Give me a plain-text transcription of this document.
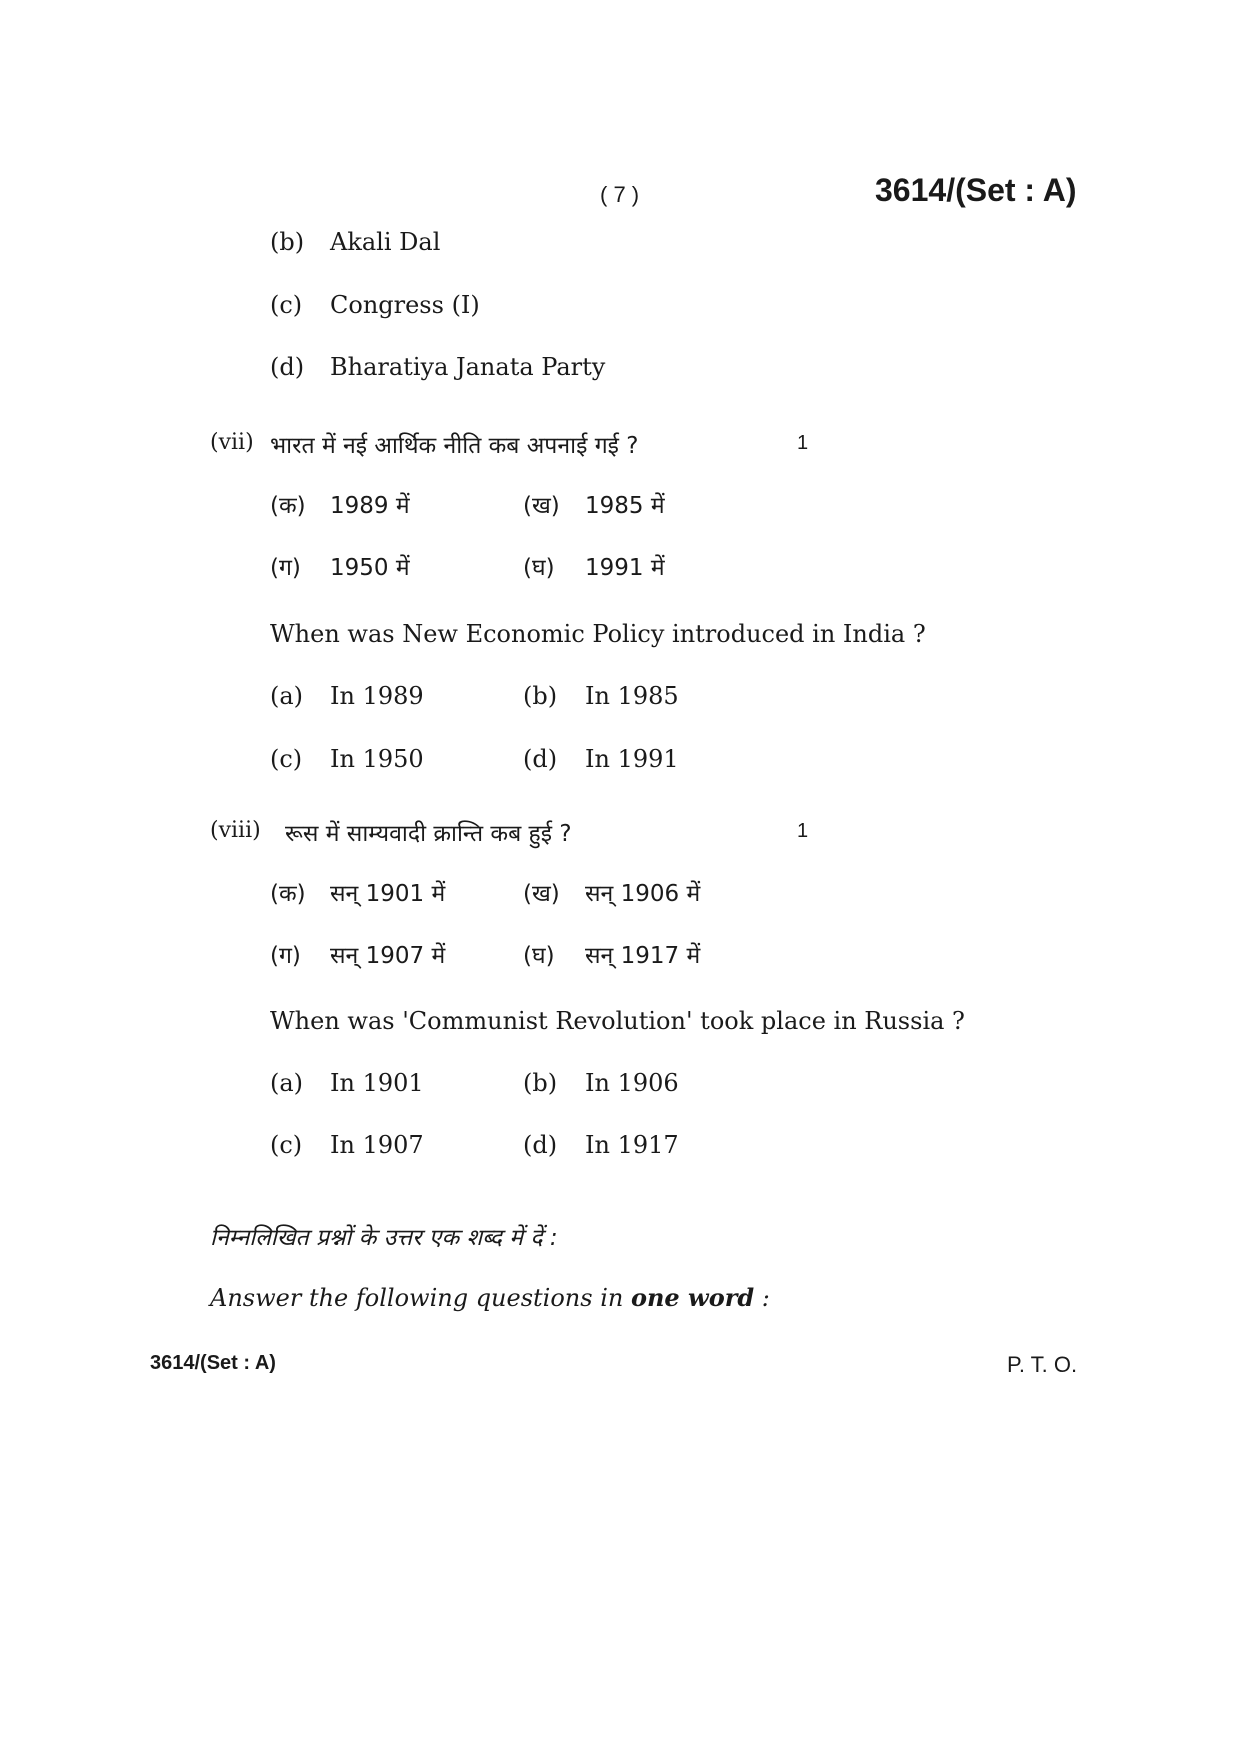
( 7 )	3614/(Set : A)
(b) Akali Dal
(c) Congress (I)
(d) Bharatiya Janata Party
(vii) भारत में नई आर्थिक नीति कब अपनाई गई ?	1
(क) 1989 में	(ख) 1985 में
(ग) 1950 में	(घ) 1991 में
When was New Economic Policy introduced in India ?
(a) In 1989	(b) In 1985
(c) In 1950	(d) In 1991
(viii) रूस में साम्यवादी क्रान्ति कब हुई ?	1
(क) सन् 1901 में	(ख) सन् 1906 में
(ग) सन् 1907 में	(घ) सन् 1917 में
When was 'Communist Revolution' took place in Russia ?
(a) In 1901	(b) In 1906
(c) In 1907	(d) In 1917
निम्नलिखित प्रश्नों के उत्तर एक शब्द में दें :
Answer the following questions in one word :
3614/(Set : A)	P. T. O.
